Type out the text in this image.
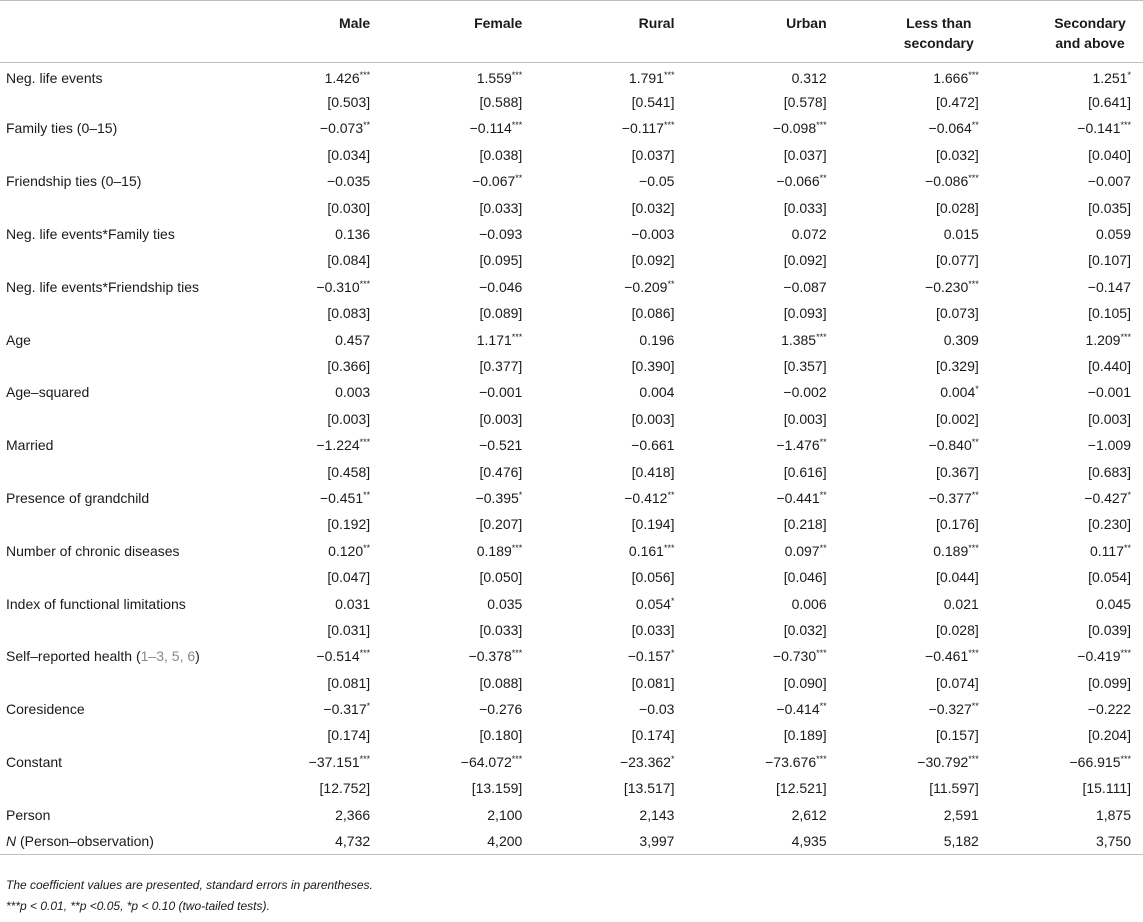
	Male	Female	Rural	Urban	Less than secondary	Secondary and above
Neg. life events	1.426***	1.559***	1.791***	0.312	1.666***	1.251*
	[0.503]	[0.588]	[0.541]	[0.578]	[0.472]	[0.641]
Family ties (0–15)	−0.073**	−0.114***	−0.117***	−0.098***	−0.064**	−0.141***
	[0.034]	[0.038]	[0.037]	[0.037]	[0.032]	[0.040]
Friendship ties (0–15)	−0.035	−0.067**	−0.05	−0.066**	−0.086***	−0.007
	[0.030]	[0.033]	[0.032]	[0.033]	[0.028]	[0.035]
Neg. life events*Family ties	0.136	−0.093	−0.003	0.072	0.015	0.059
	[0.084]	[0.095]	[0.092]	[0.092]	[0.077]	[0.107]
Neg. life events*Friendship ties	−0.310***	−0.046	−0.209**	−0.087	−0.230***	−0.147
	[0.083]	[0.089]	[0.086]	[0.093]	[0.073]	[0.105]
Age	0.457	1.171***	0.196	1.385***	0.309	1.209***
	[0.366]	[0.377]	[0.390]	[0.357]	[0.329]	[0.440]
Age–squared	0.003	−0.001	0.004	−0.002	0.004*	−0.001
	[0.003]	[0.003]	[0.003]	[0.003]	[0.002]	[0.003]
Married	−1.224***	−0.521	−0.661	−1.476**	−0.840**	−1.009
	[0.458]	[0.476]	[0.418]	[0.616]	[0.367]	[0.683]
Presence of grandchild	−0.451**	−0.395*	−0.412**	−0.441**	−0.377**	−0.427*
	[0.192]	[0.207]	[0.194]	[0.218]	[0.176]	[0.230]
Number of chronic diseases	0.120**	0.189***	0.161***	0.097**	0.189***	0.117**
	[0.047]	[0.050]	[0.056]	[0.046]	[0.044]	[0.054]
Index of functional limitations	0.031	0.035	0.054*	0.006	0.021	0.045
	[0.031]	[0.033]	[0.033]	[0.032]	[0.028]	[0.039]
Self–reported health (1–3, 5, 6)	−0.514***	−0.378***	−0.157*	−0.730***	−0.461***	−0.419***
	[0.081]	[0.088]	[0.081]	[0.090]	[0.074]	[0.099]
Coresidence	−0.317*	−0.276	−0.03	−0.414**	−0.327**	−0.222
	[0.174]	[0.180]	[0.174]	[0.189]	[0.157]	[0.204]
Constant	−37.151***	−64.072***	−23.362*	−73.676***	−30.792***	−66.915***
	[12.752]	[13.159]	[13.517]	[12.521]	[11.597]	[15.111]
Person	2,366	2,100	2,143	2,612	2,591	1,875
N (Person–observation)	4,732	4,200	3,997	4,935	5,182	3,750
The coefficient values are presented, standard errors in parentheses.
***p < 0.01, **p <0.05, *p < 0.10 (two-tailed tests).
